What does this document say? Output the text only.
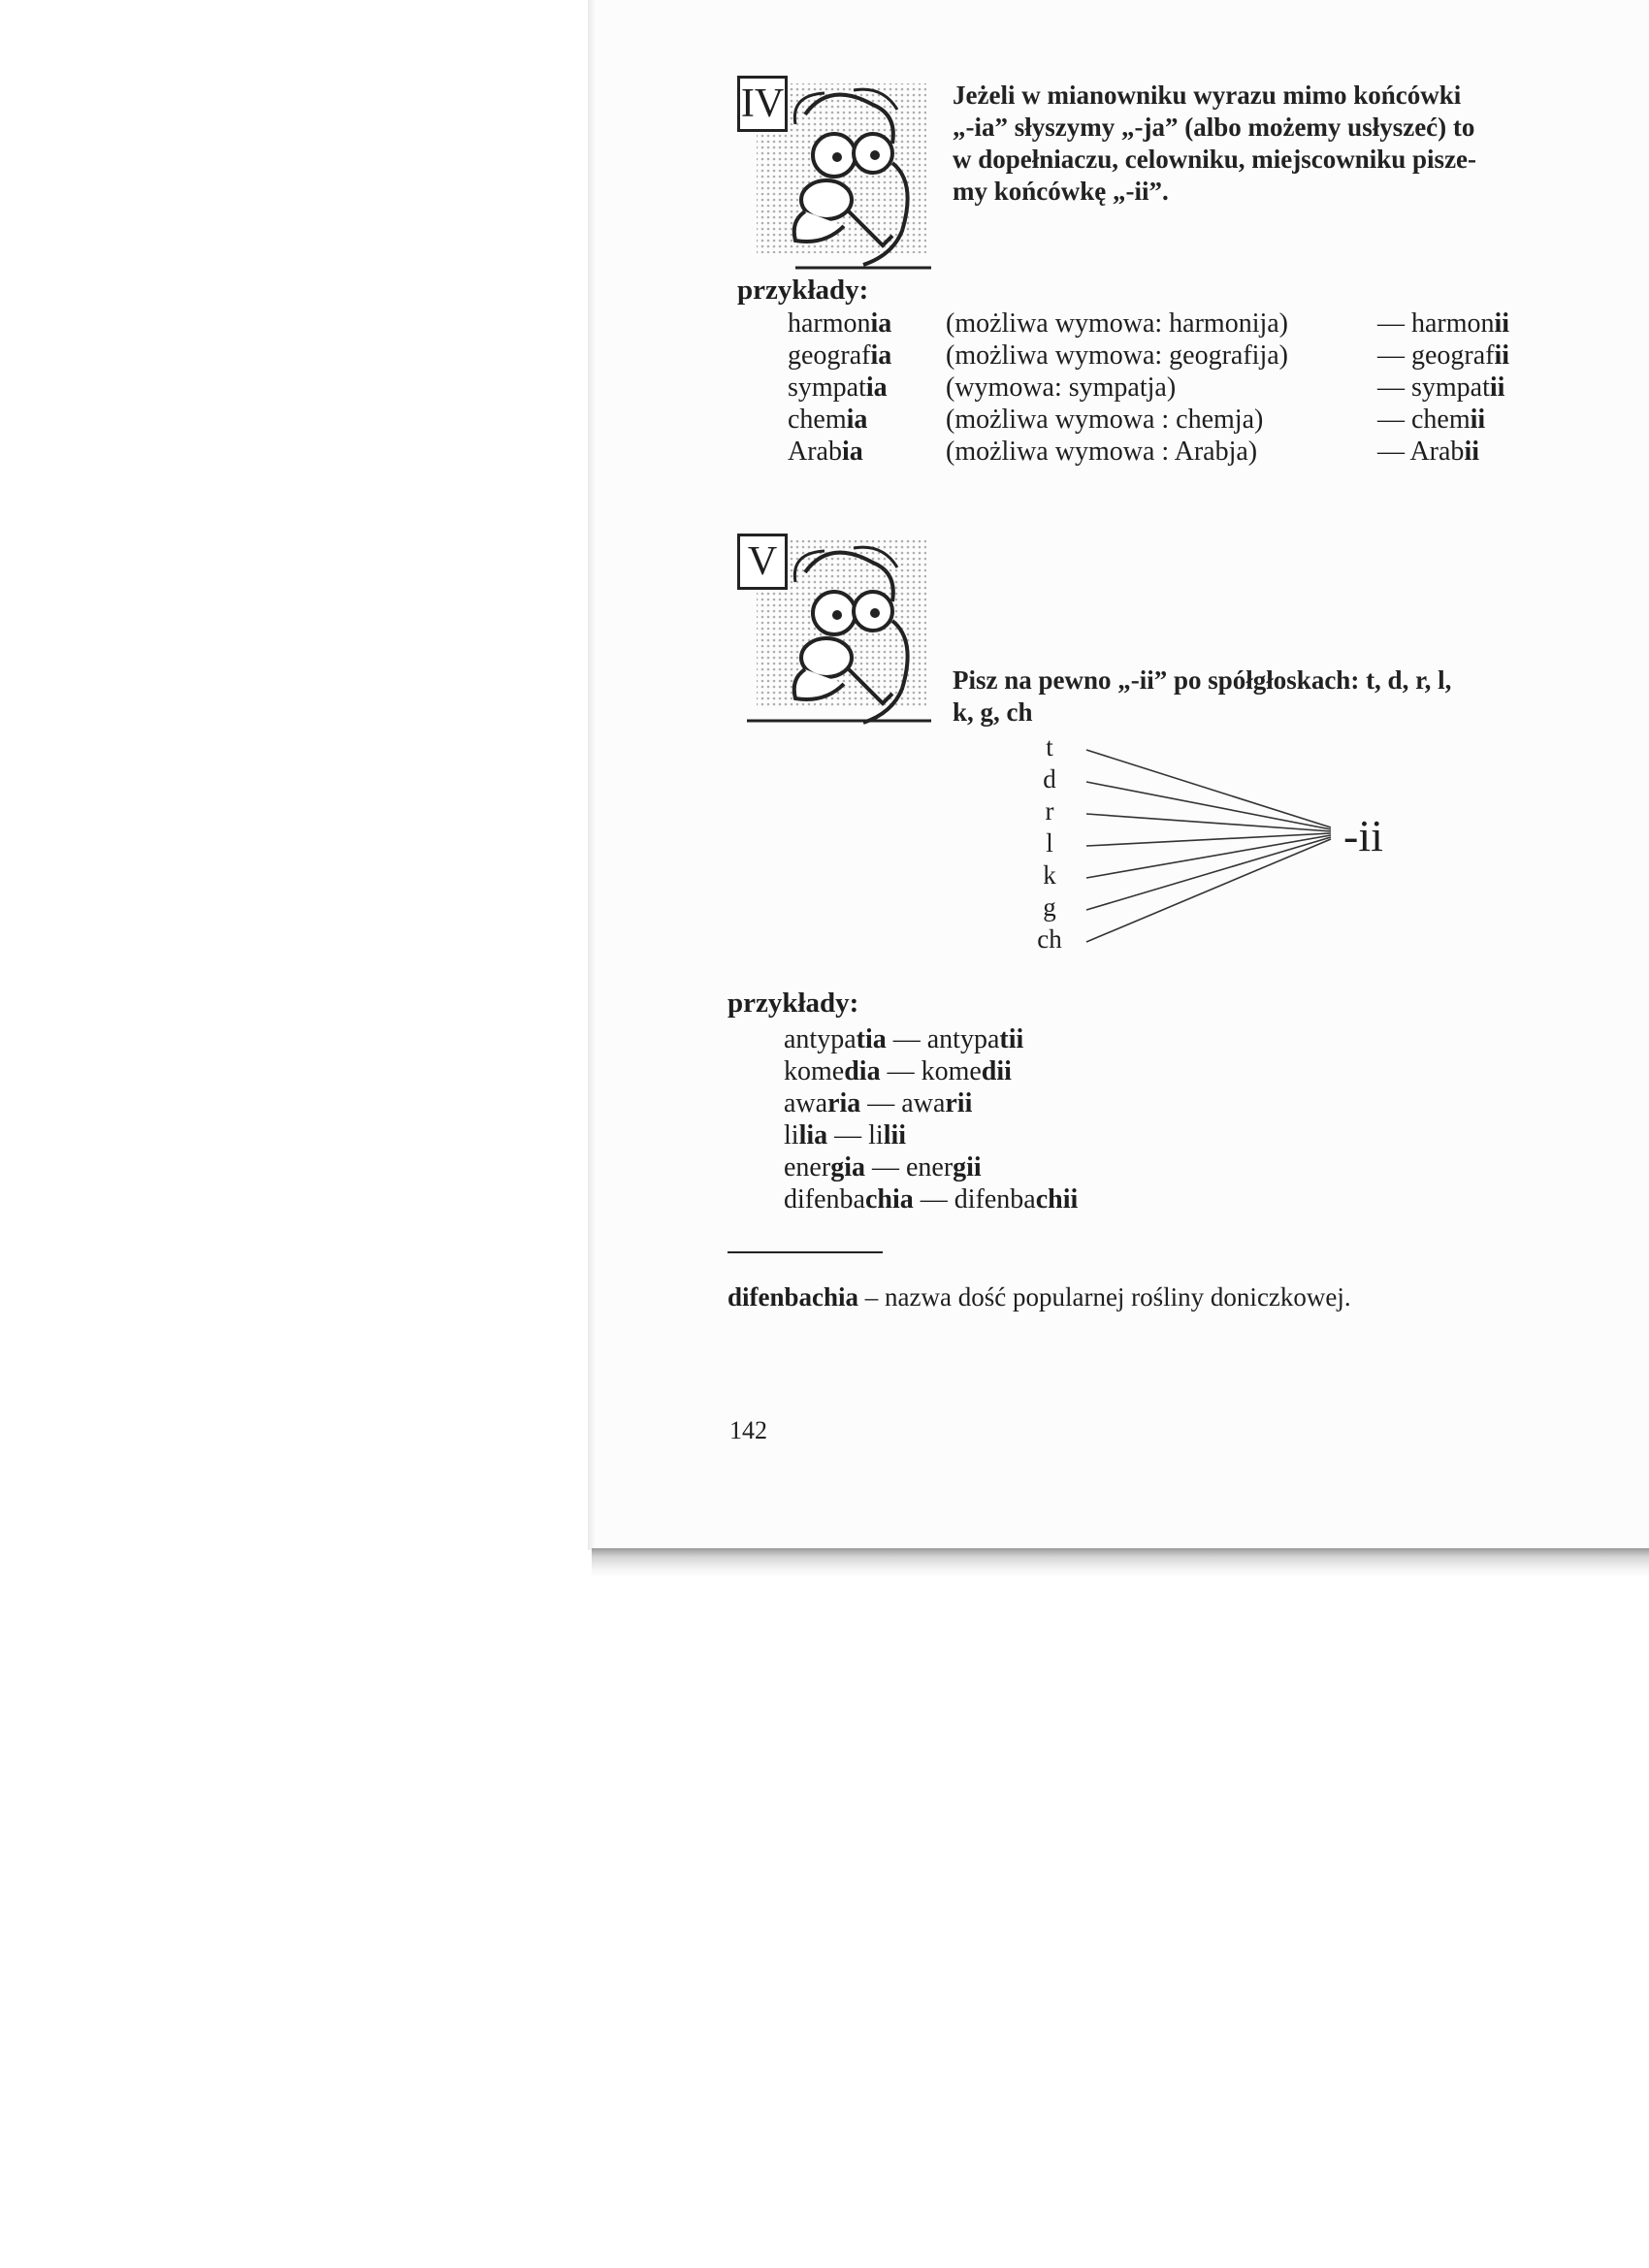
IV	Jeżeli w mianowniku wyrazu mimo końcówki
„-ia” słyszymy „-ja” (albo możemy usłyszeć) to
w dopełniaczu, celowniku, miejscowniku pisze-
my końcówkę „-ii”.
przykłady:
harmonia (możliwa wymowa: harmonija)	— harmonii
geografia (możliwa wymowa: geografija)	— geografii
sympatia (wymowa: sympatja)	— sympatii
chemia	(możliwa wymowa : chemja)	— chemii
Arabia	(możliwa wymowa : Arabja)	— Arabii
V
Pisz na pewno „-ii” po spółgłoskach: t, d, r, l,
k, g, ch
t
d
r
l
k
g
ch
-ii
przykłady:
antypatia — antypatii
komedia — komedii
awaria — awarii
lilia — lilii
energia — energii
difenbachia — difenbachii
difenbachia – nazwa dość popularnej rośliny doniczkowej.
142
